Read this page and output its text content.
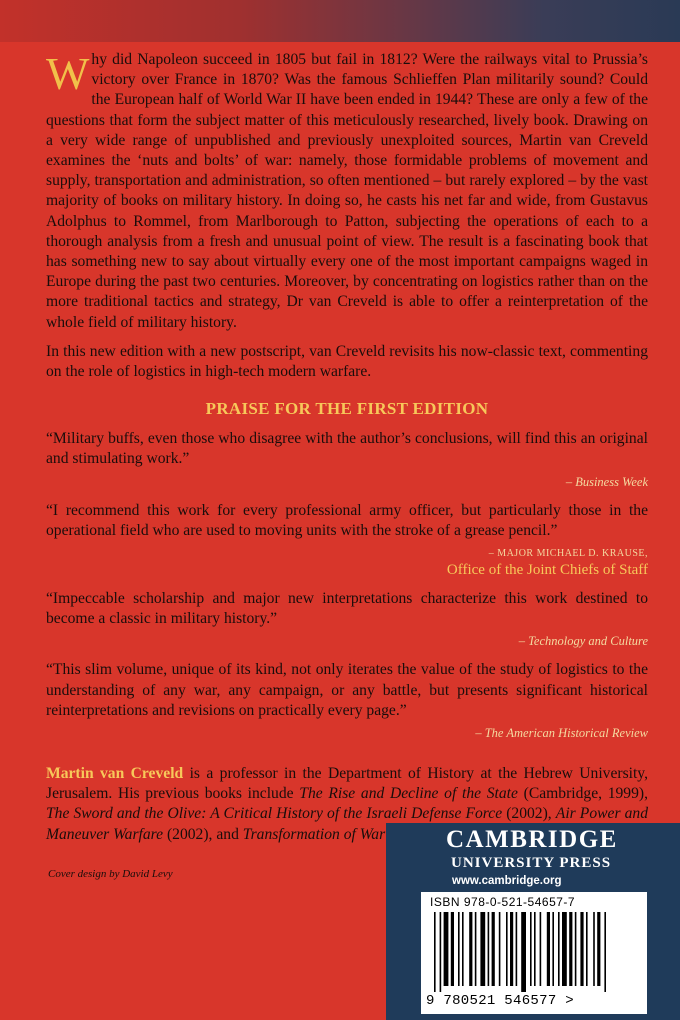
Why did Napoleon succeed in 1805 but fail in 1812? Were the railways vital to Prussia’s victory over France in 1870? Was the famous Schlieffen Plan militarily sound? Could the European half of World War II have been ended in 1944? These are only a few of the questions that form the subject matter of this meticulously researched, lively book. Drawing on a very wide range of unpublished and previously unexploited sources, Martin van Creveld examines the ‘nuts and bolts’ of war: namely, those formidable problems of movement and supply, transportation and administration, so often mentioned – but rarely explored – by the vast majority of books on military history. In doing so, he casts his net far and wide, from Gustavus Adolphus to Rommel, from Marlborough to Patton, subjecting the operations of each to a thorough analysis from a fresh and unusual point of view. The result is a fascinating book that has something new to say about virtually every one of the most important campaigns waged in Europe during the past two centuries. Moreover, by concentrating on logistics rather than on the more traditional tactics and strategy, Dr van Creveld is able to offer a reinterpretation of the whole field of military history.

In this new edition with a new postscript, van Creveld revisits his now-classic text, commenting on the role of logistics in high-tech modern warfare.

PRAISE FOR THE FIRST EDITION

“Military buffs, even those who disagree with the author’s conclusions, will find this an original and stimulating work.”

– Business Week

“I recommend this work for every professional army officer, but particularly those in the operational field who are used to moving units with the stroke of a grease pencil.”

– MAJOR MICHAEL D. KRAUSE,
Office of the Joint Chiefs of Staff

“Impeccable scholarship and major new interpretations characterize this work destined to become a classic in military history.”

– Technology and Culture

“This slim volume, unique of its kind, not only iterates the value of the study of logistics to the understanding of any war, any campaign, or any battle, but presents significant historical reinterpretations and revisions on practically every page.”

– The American Historical Review

Martin van Creveld is a professor in the Department of History at the Hebrew University, Jerusalem. His previous books include The Rise and Decline of the State (Cambridge, 1999), The Sword and the Olive: A Critical History of the Israeli Defense Force (2002), Air Power and Maneuver Warfare (2002), and Transformation of War

Cover design by David Levy
CAMBRIDGE
UNIVERSITY PRESS
www.cambridge.org
ISBN 978-0-521-54657-7
9 780521 546577 >
